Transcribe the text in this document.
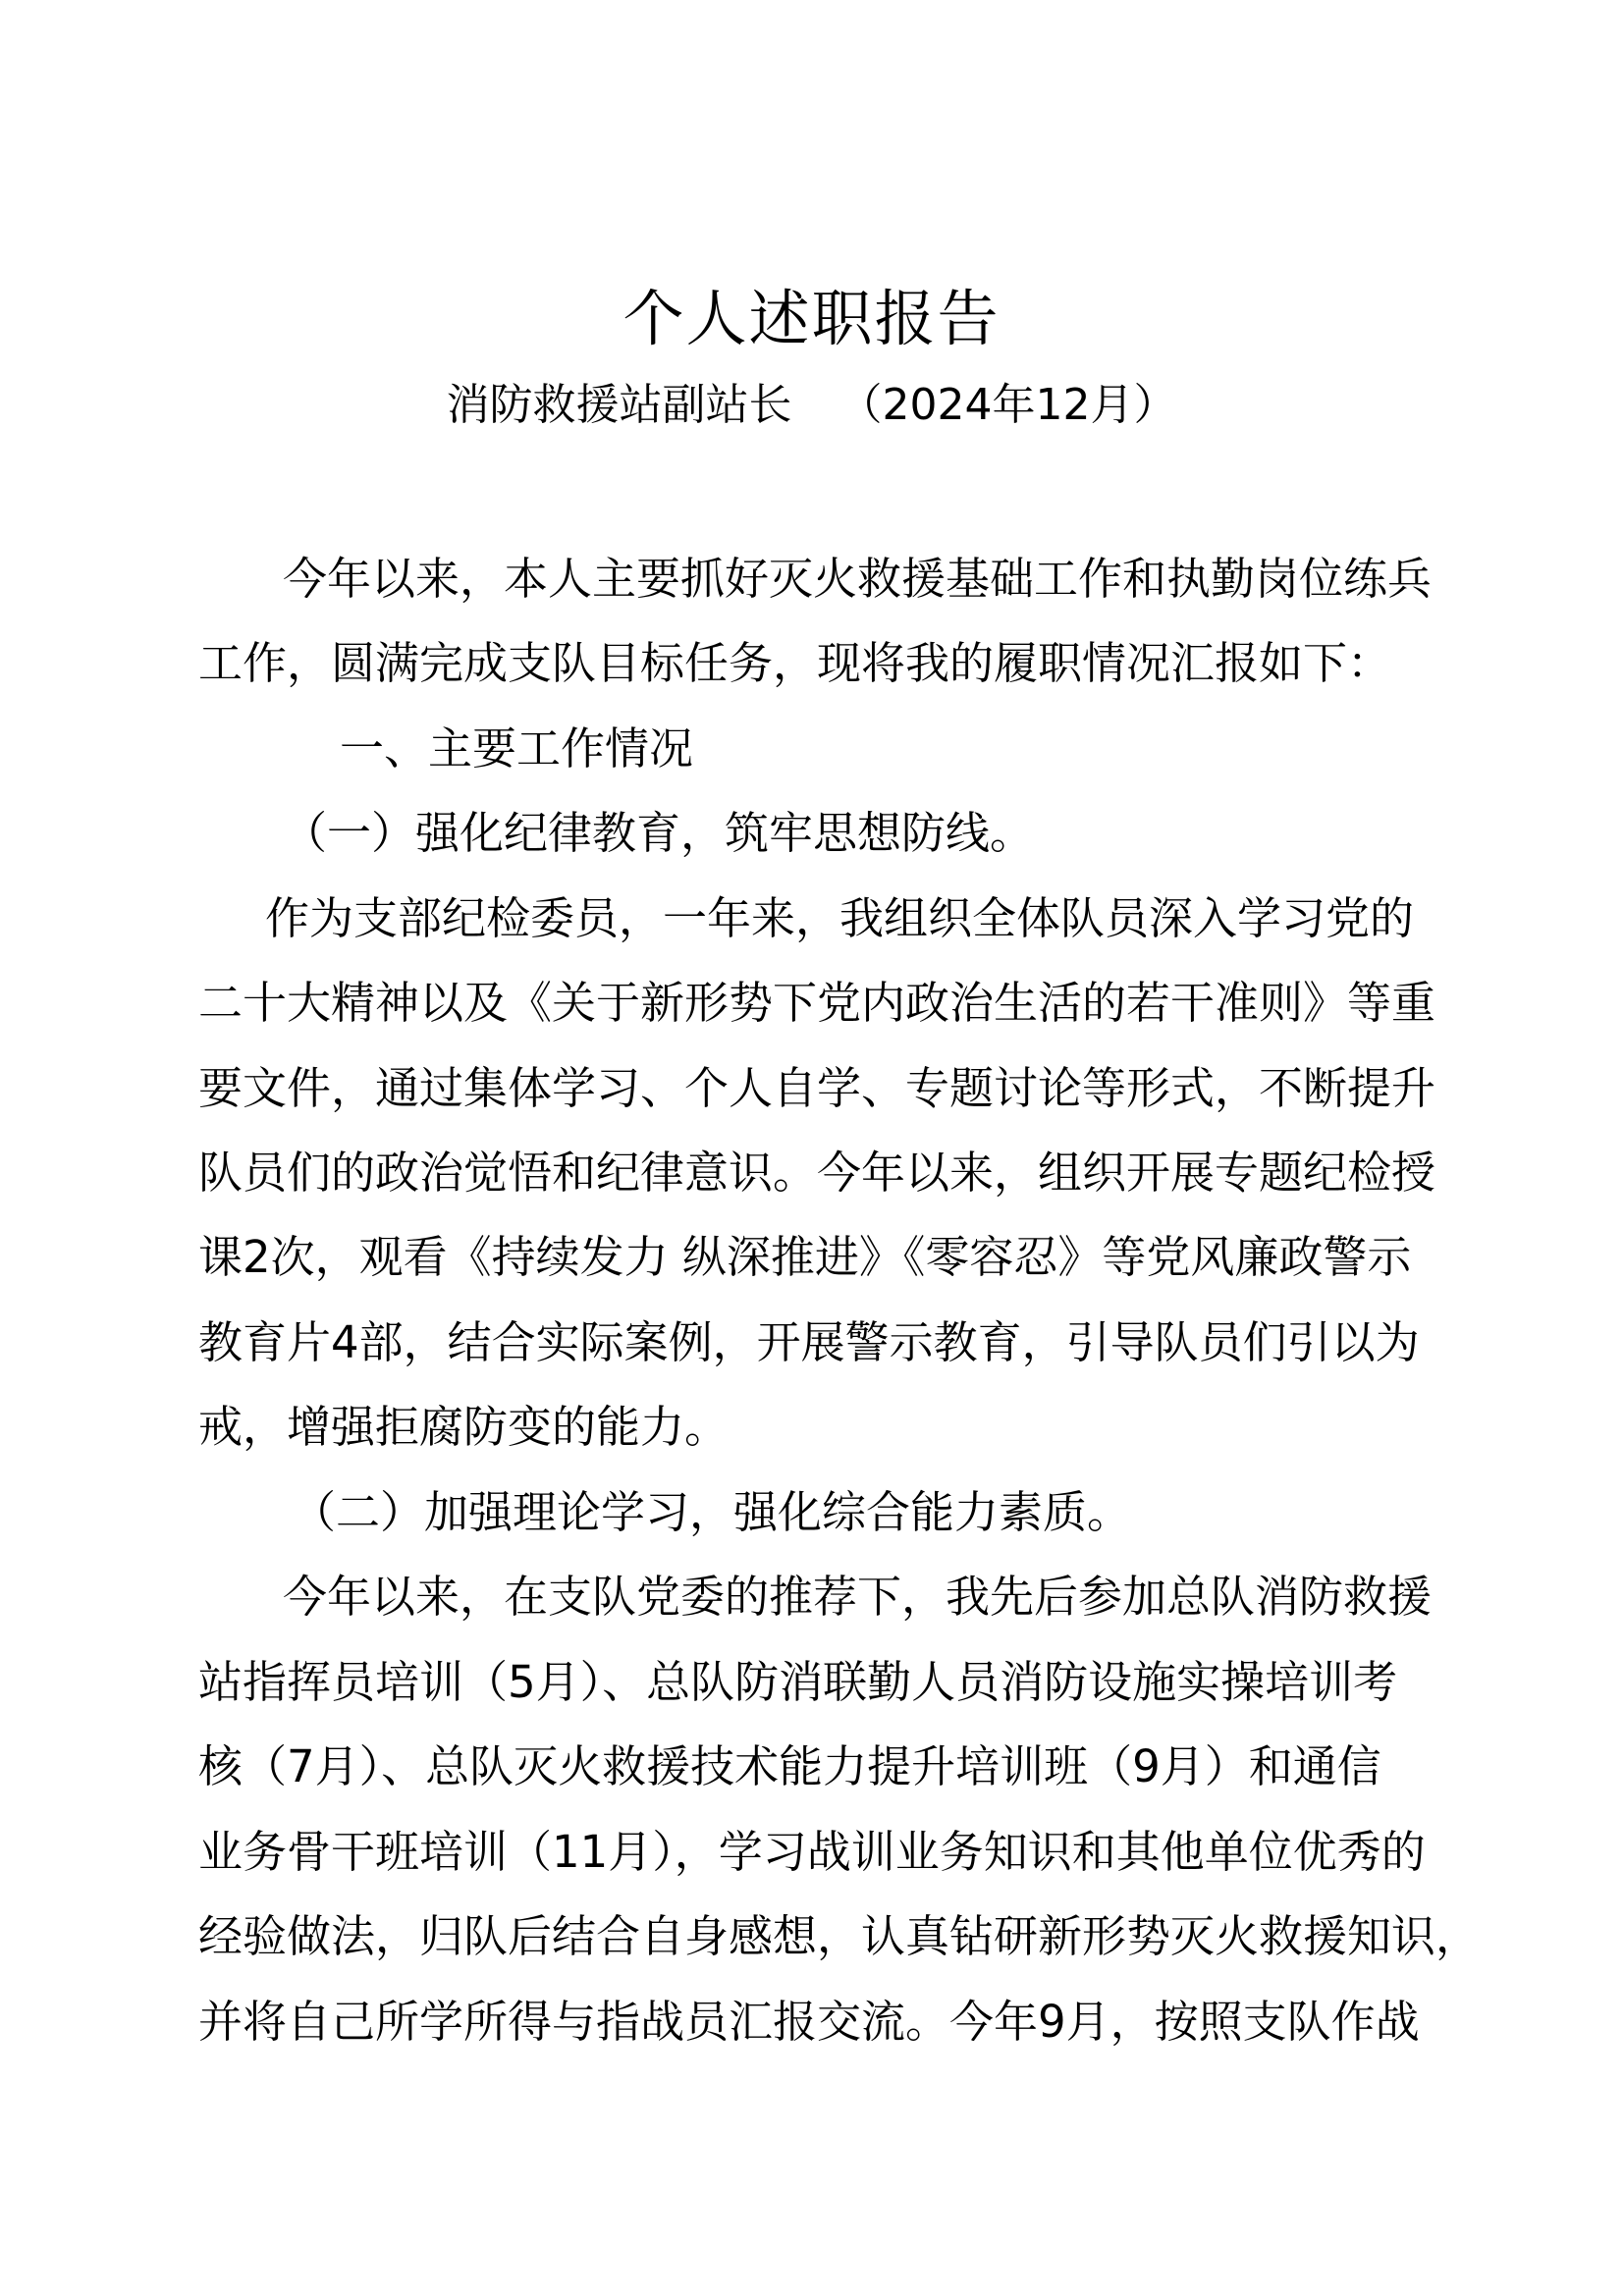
个人述职报告
消防救援站副站长 （2024年12月）
今年以来，本人主要抓好灭火救援基础工作和执勤岗位练兵
工作，圆满完成支队目标任务，现将我的履职情况汇报如下：
一、主要工作情况
（一）强化纪律教育，筑牢思想防线。
作为支部纪检委员，一年来，我组织全体队员深入学习党的
二十大精神以及《关于新形势下党内政治生活的若干准则》等重
要文件，通过集体学习、个人自学、专题讨论等形式，不断提升
队员们的政治觉悟和纪律意识。今年以来，组织开展专题纪检授
课2次，观看《持续发力 纵深推进》《零容忍》等党风廉政警示
教育片4部，结合实际案例，开展警示教育，引导队员们引以为
戒，增强拒腐防变的能力。
（二）加强理论学习，强化综合能力素质。
今年以来，在支队党委的推荐下，我先后参加总队消防救援
站指挥员培训（5月）、总队防消联勤人员消防设施实操培训考
核（7月）、总队灭火救援技术能力提升培训班（9月）和通信
业务骨干班培训（11月），学习战训业务知识和其他单位优秀的
经验做法，归队后结合自身感想，认真钻研新形势灭火救援知识，
并将自己所学所得与指战员汇报交流。今年9月，按照支队作战
